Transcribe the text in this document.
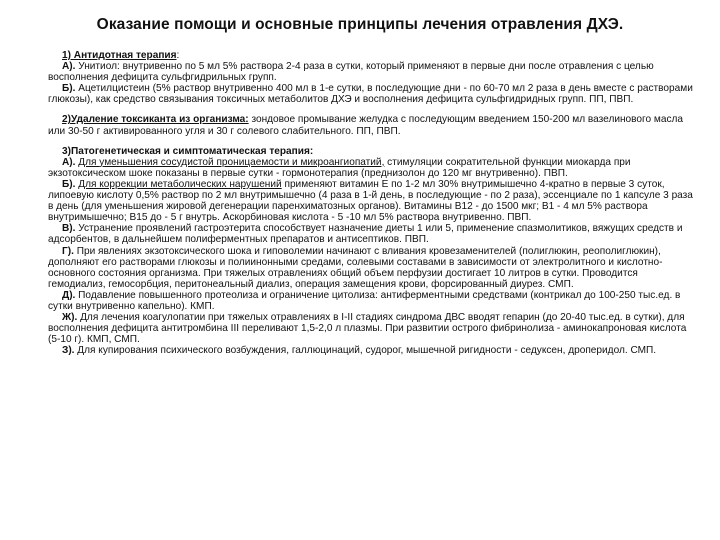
Оказание помощи и основные принципы лечения отравления ДХЭ.

1) Антидотная терапия:

А). Унитиол: внутривенно по 5 мл 5% раствора 2-4 раза в сутки, который применяют в первые дни после отравления с целью восполнения дефицита сульфгидрильных групп.

Б). Ацетилцистеин (5% раствор внутривенно 400 мл в 1-е сутки, в последующие дни - по 60-70 мл 2 раза в день вместе с растворами глюкозы), как средство связывания токсичных метаболитов ДХЭ и восполнения дефицита сульфгидридных групп. ПП, ПВП.

2)Удаление токсиканта из организма: зондовое промывание желудка с последующим введением 150-200 мл вазелинового масла или 30-50 г активированного угля и 30 г солевого слабительного. ПП, ПВП.

3)Патогенетическая и симптоматическая терапия:

А). Для уменьшения сосудистой проницаемости и микроангиопатий, стимуляции сократительной функции миокарда при экзотоксическом шоке показаны в первые сутки - гормонотерапия (преднизолон до 120 мг внутривенно). ПВП.

Б). Для коррекции метаболических нарушений применяют витамин Е по 1-2 мл 30% внутримышечно 4-кратно в первые 3 суток, липоевую кислоту 0,5% раствор по 2 мл внутримышечно (4 раза в 1-й день, в последующие - по 2 раза), эссенциале по 1 капсуле 3 раза в день (для уменьшения жировой дегенерации паренхиматозных органов). Витамины В12 - до 1500 мкг; В1 - 4 мл 5% раствора внутримышечно; В15 до - 5 г внутрь. Аскорбиновая кислота - 5 -10 мл 5% раствора внутривенно. ПВП.

В). Устранение проявлений гастроэтерита способствует назначение диеты 1 или 5, применение спазмолитиков, вяжущих средств и адсорбентов, в дальнейшем полиферментных препаратов и антисептиков. ПВП.

Г). При явлениях экзотоксического шока и гиповолемии начинают с вливания кровезаменителей (полиглюкин, реополиглюкин), дополняют его растворами глюкозы и полиинонными средами, солевыми составами в зависимости от электролитного и кислотно-основного состояния организма. При тяжелых отравлениях общий объем перфузии достигает 10 литров в сутки. Проводится гемодиализ, гемосорбция, перитонеальный диализ, операция замещения крови, форсированный диурез. СМП.

Д). Подавление повышенного протеолиза и ограничение цитолиза: антиферментными средствами (контрикал до 100-250 тыс.ед. в сутки внутривенно капельно). КМП.

Ж). Для лечения коагулопатии при тяжелых отравлениях в I-II стадиях синдрома ДВС вводят гепарин (до 20-40 тыс.ед. в сутки), для восполнения дефицита антитромбина III переливают 1,5-2,0 л плазмы. При развитии острого фибринолиза - аминокапроновая кислота (5-10 г). КМП, СМП.

З). Для купирования психического возбуждения, галлюцинаций, судорог, мышечной ригидности - седуксен, дроперидол. СМП.
